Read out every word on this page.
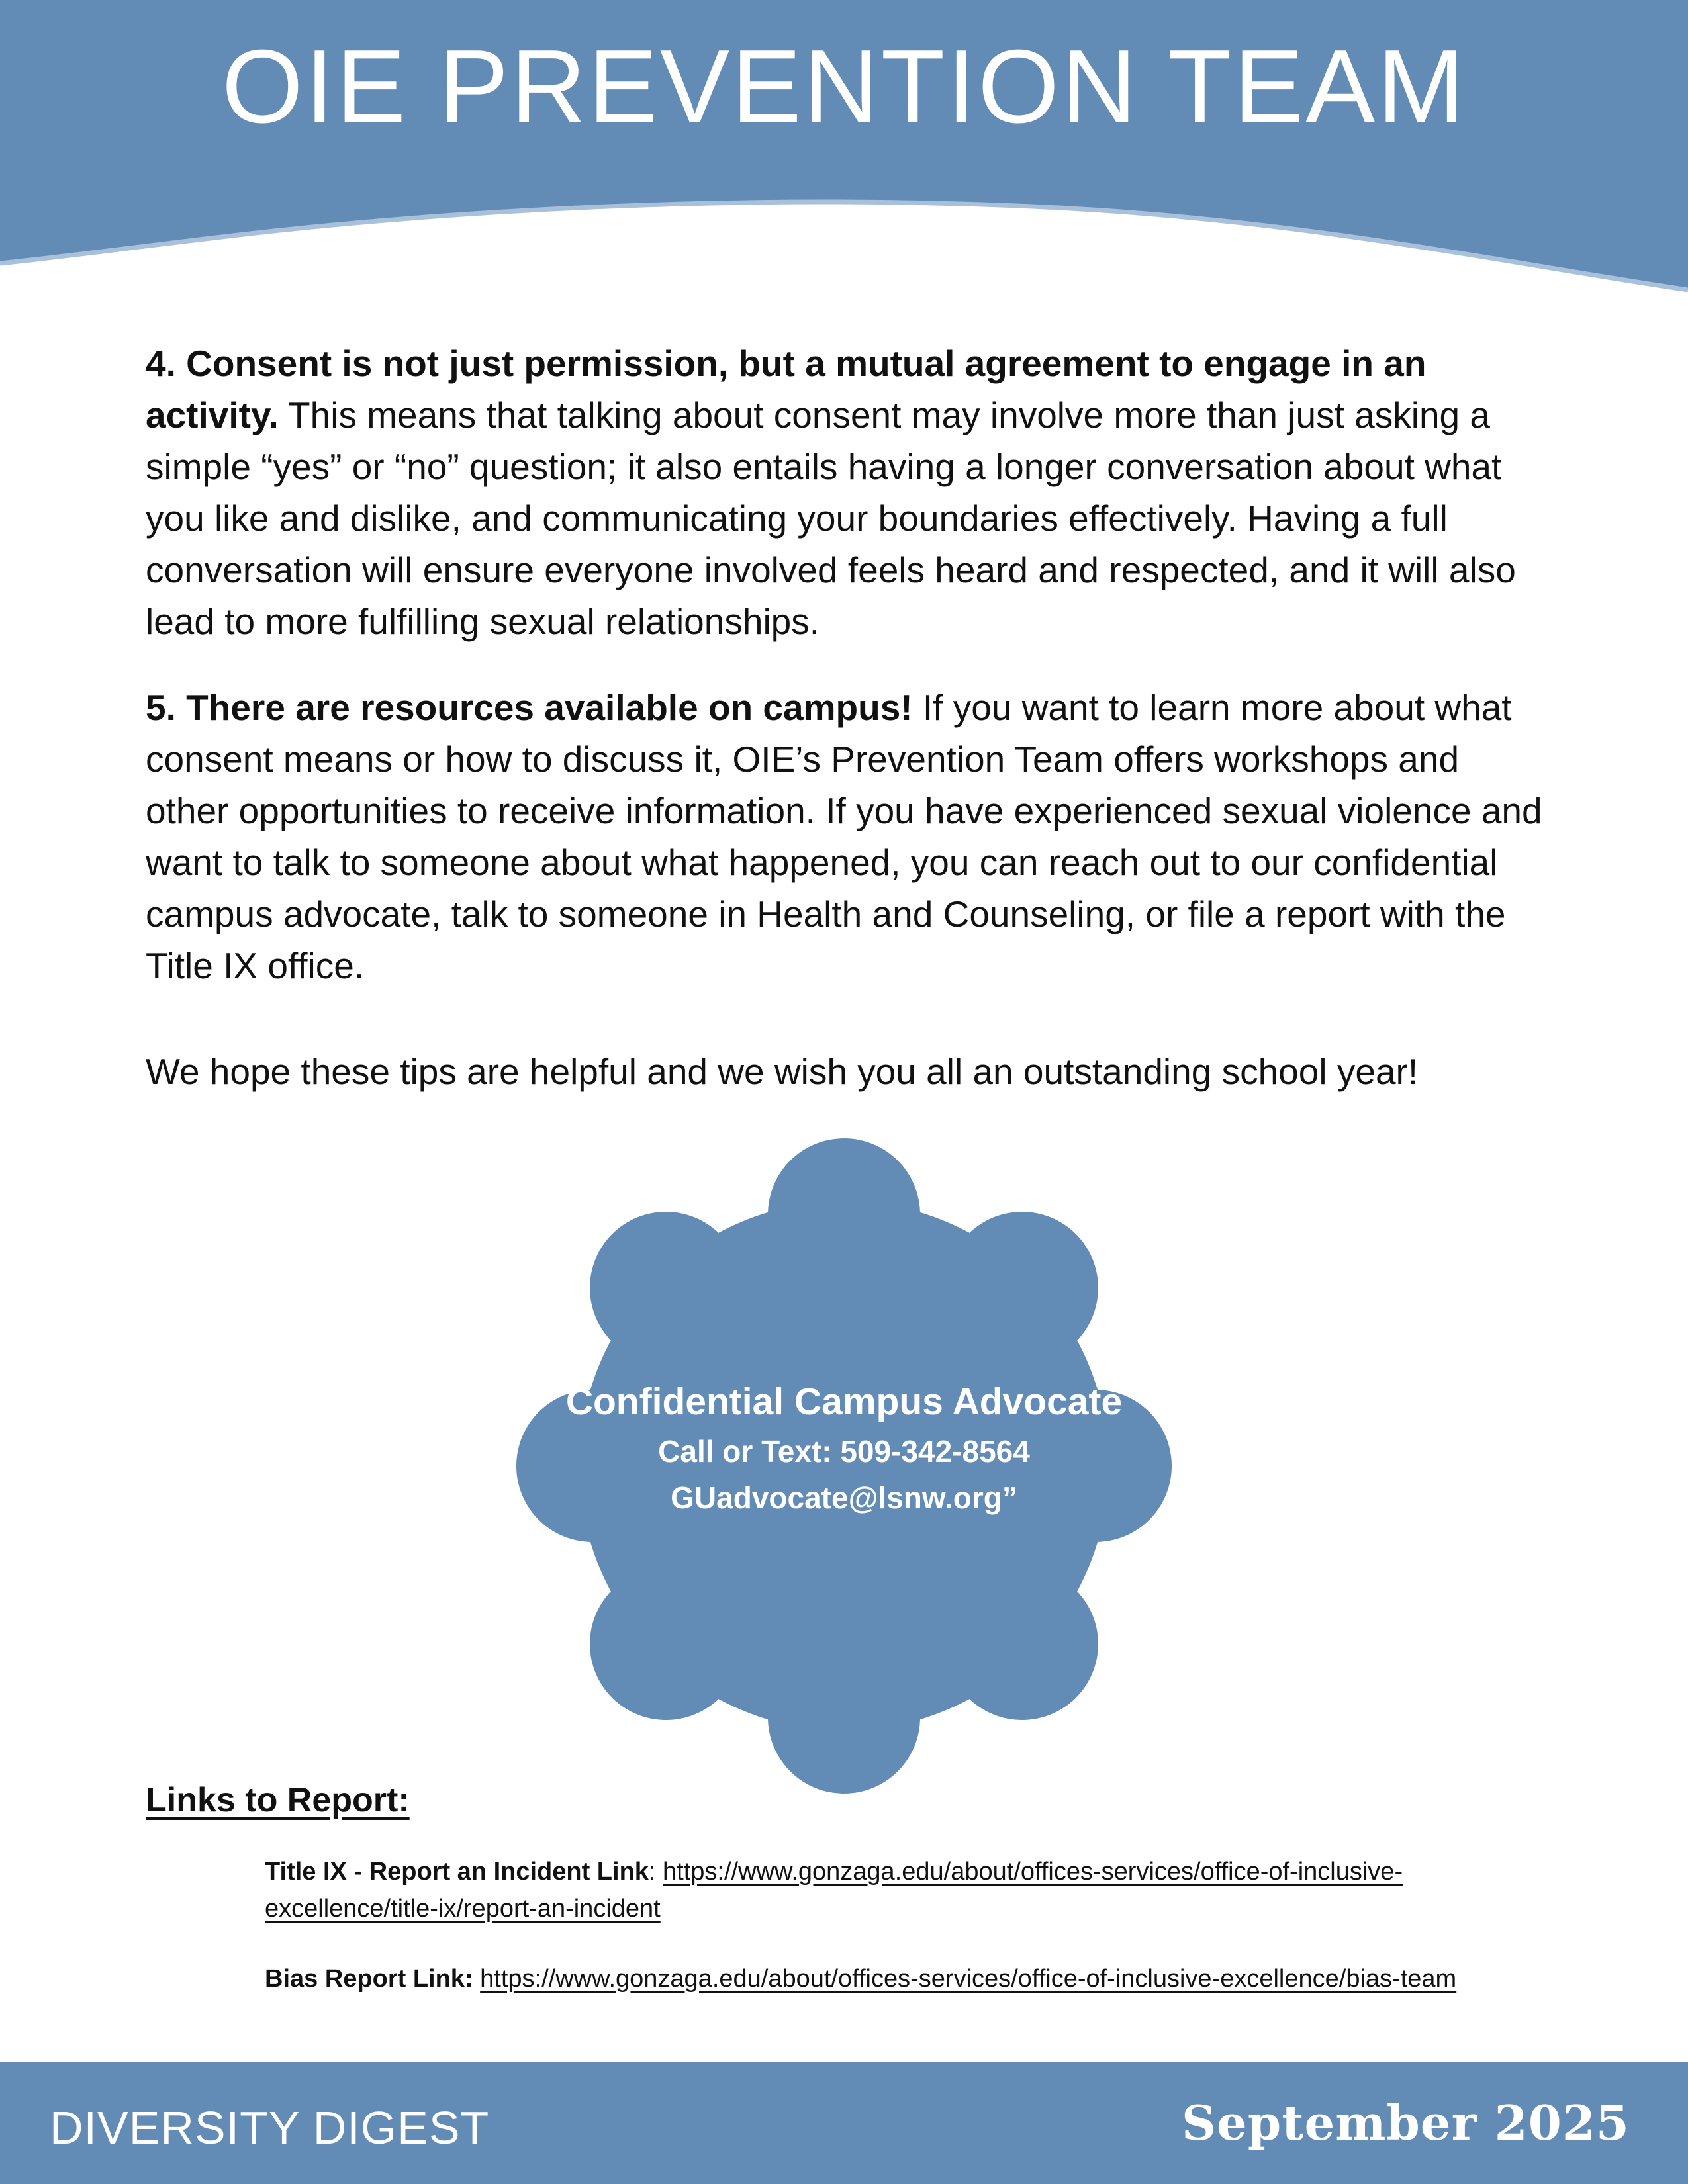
OIE PREVENTION TEAM

4. Consent is not just permission, but a mutual agreement to engage in an activity. This means that talking about consent may involve more than just asking a simple “yes” or “no” question; it also entails having a longer conversation about what you like and dislike, and communicating your boundaries effectively. Having a full conversation will ensure everyone involved feels heard and respected, and it will also lead to more fulfilling sexual relationships.

5. There are resources available on campus! If you want to learn more about what consent means or how to discuss it, OIE’s Prevention Team offers workshops and other opportunities to receive information. If you have experienced sexual violence and want to talk to someone about what happened, you can reach out to our confidential campus advocate, talk to someone in Health and Counseling, or file a report with the Title IX office.

We hope these tips are helpful and we wish you all an outstanding school year!

Confidential Campus Advocate
Call or Text: 509-342-8564
GUadvocate@lsnw.org”
Links to Report:
Title IX - Report an Incident Link: https://www.gonzaga.edu/about/offices-services/office-of-inclusive-excellence/title-ix/report-an-incident
Bias Report Link: https://www.gonzaga.edu/about/offices-services/office-of-inclusive-excellence/bias-team
DIVERSITY DIGEST	September 2025
